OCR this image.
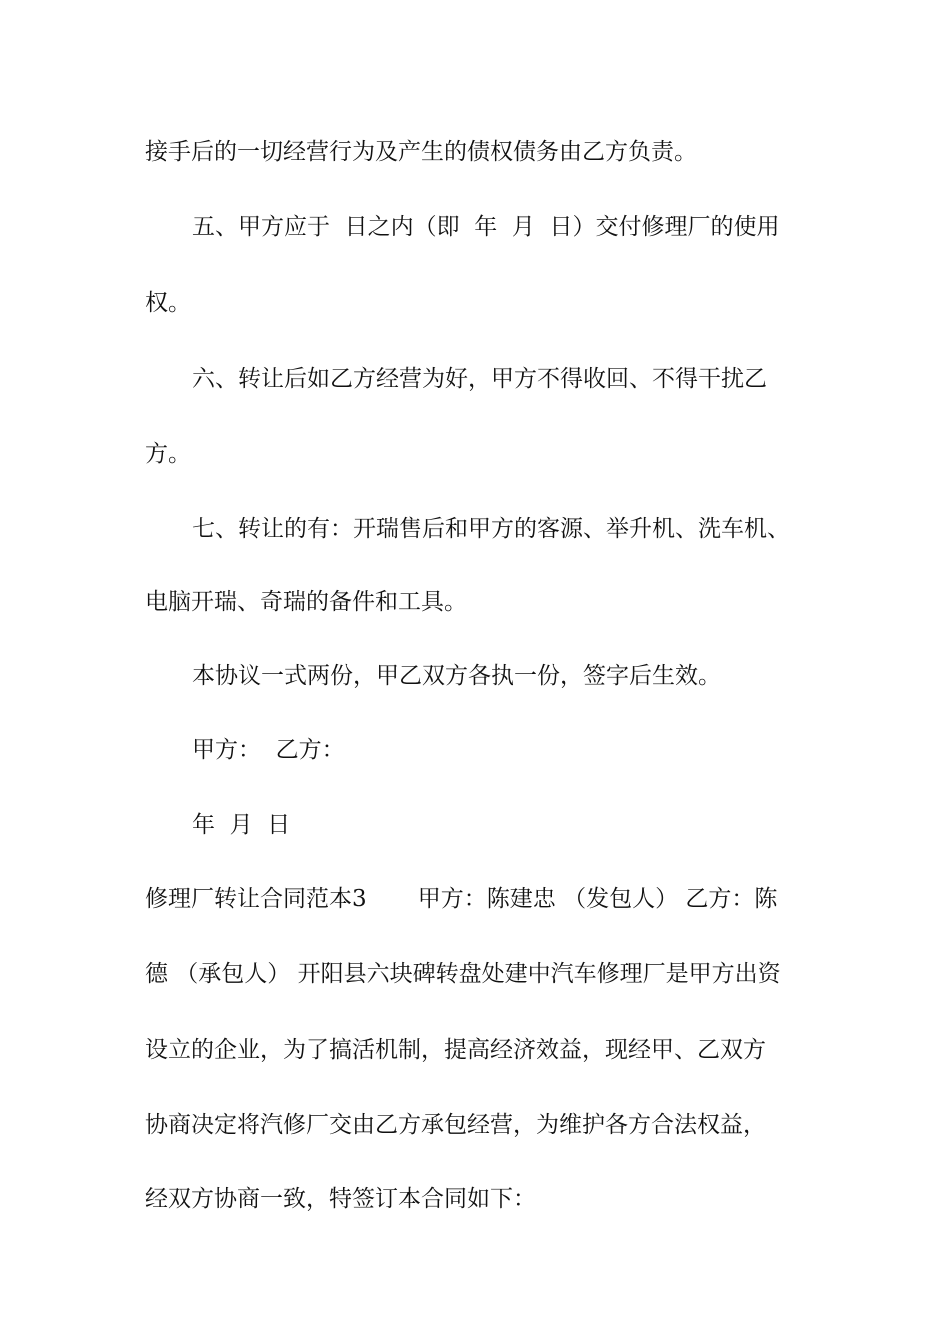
接手后的一切经营行为及产生的债权债务由乙方负责。
五、甲方应于  日之内（即  年  月  日）交付修理厂的使用
权。
六、转让后如乙方经营为好，甲方不得收回、不得干扰乙
方。
七、转让的有：开瑞售后和甲方的客源、举升机、洗车机、
电脑开瑞、奇瑞的备件和工具。
本协议一式两份，甲乙双方各执一份，签字后生效。
甲方：  乙方：
年  月  日
修理厂转让合同范本3       甲方：陈建忠 （发包人） 乙方：陈
德 （承包人） 开阳县六块碑转盘处建中汽车修理厂是甲方出资
设立的企业，为了搞活机制，提高经济效益，现经甲、乙双方
协商决定将汽修厂交由乙方承包经营，为维护各方合法权益，
经双方协商一致，特签订本合同如下：
